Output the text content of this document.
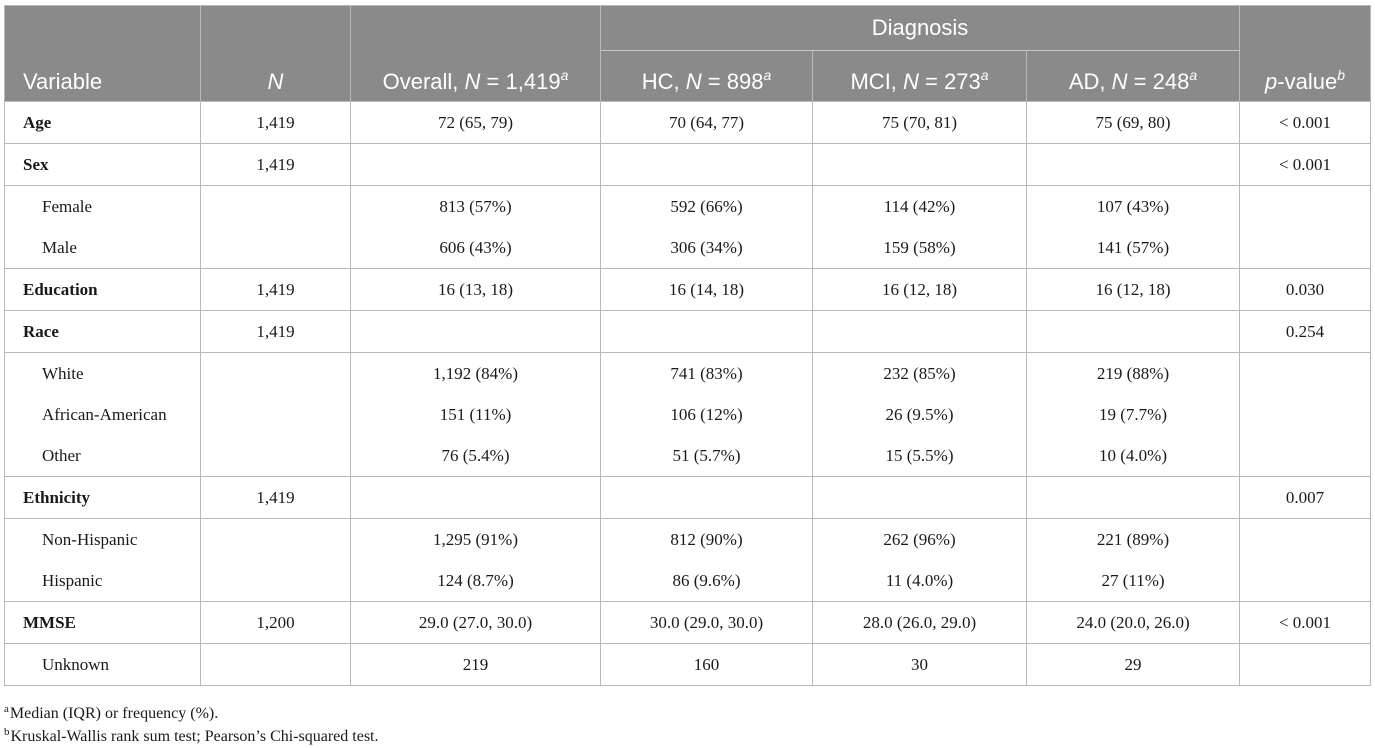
			Diagnosis			
Variable	N	Overall, N = 1,419$^a$	HC, $N = 898^a$	MCI, $N = 273^a$	AD, $N = 248^a$	p-value$^b$
Age	1,419	72 (65, 79)	70 (64, 77)	75 (70, 81)	75 (69, 80)	< 0.001
Sex	1,419					< 0.001
Female		813 (57%)	592 (66%)	114 (42%)	107 (43%)	
Male		606 (43%)	306 (34%)	159 (58%)	141 (57%)	
Education	1,419	16 (13, 18)	16 (14, 18)	16 (12, 18)	16 (12, 18)	0.030
Race	1,419					0.254
White		1,192 (84%)	741 (83%)	232 (85%)	219 (88%)	
African-American		151 (11%)	106 (12%)	26 (9.5%)	19 (7.7%)	
Other		76 (5.4%)	51 (5.7%)	15 (5.5%)	10 (4.0%)	
Ethnicity	1,419					0.007
Non-Hispanic		1,295 (91%)	812 (90%)	262 (96%)	221 (89%)	
Hispanic		124 (8.7%)	86 (9.6%)	11 (4.0%)	27 (11%)	
MMSE	1,200	29.0 (27.0, 30.0)	30.0 (29.0, 30.0)	28.0 (26.0, 29.0)	24.0 (20.0, 26.0)	< 0.001
Unknown		219	160	30	29	
$^a$Median (IQR) or frequency (%).
$^b$Kruskal-Wallis rank sum test; Pearson’s Chi-squared test.
